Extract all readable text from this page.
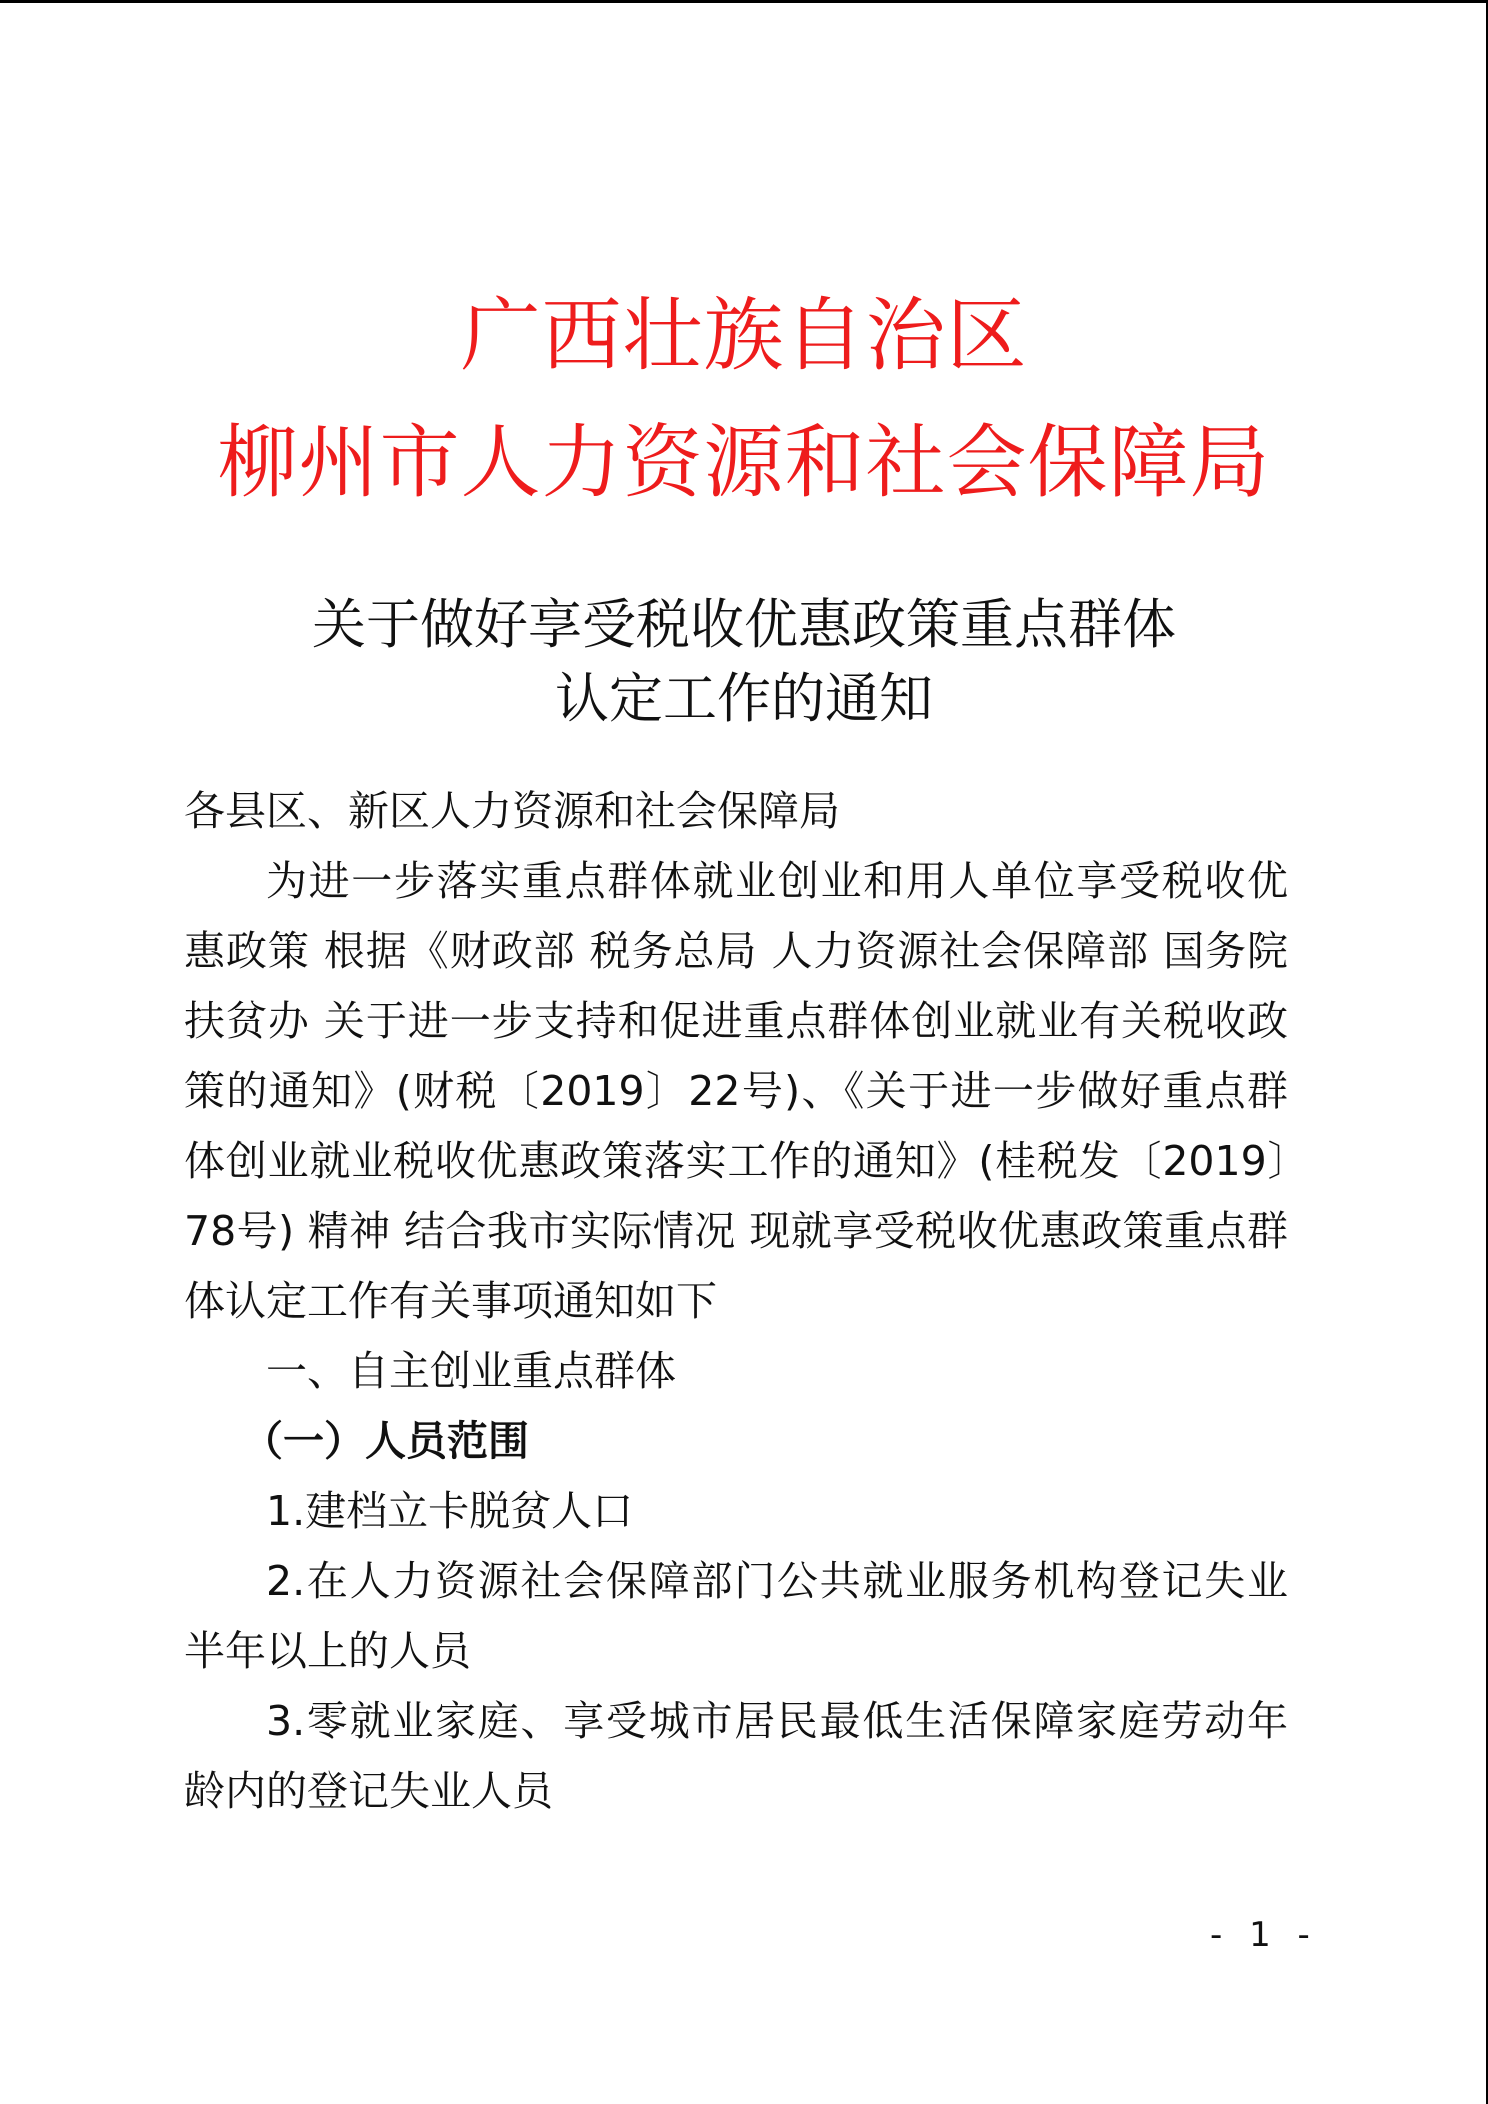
广西壮族自治区
柳州市人力资源和社会保障局
关于做好享受税收优惠政策重点群体
认定工作的通知

各县区、新区人力资源和社会保障局

为进一步落实重点群体就业创业和用人单位享受税收优惠政策 根据《财政部 税务总局 人力资源社会保障部 国务院扶贫办 关于进一步支持和促进重点群体创业就业有关税收政策的通知》(财税〔2019〕22号)、《关于进一步做好重点群体创业就业税收优惠政策落实工作的通知》(桂税发〔2019〕78号) 精神 结合我市实际情况 现就享受税收优惠政策重点群体认定工作有关事项通知如下

一、自主创业重点群体

（一）人员范围

1.建档立卡脱贫人口

2.在人力资源社会保障部门公共就业服务机构登记失业半年以上的人员

3.零就业家庭、享受城市居民最低生活保障家庭劳动年龄内的登记失业人员

- 1 -
